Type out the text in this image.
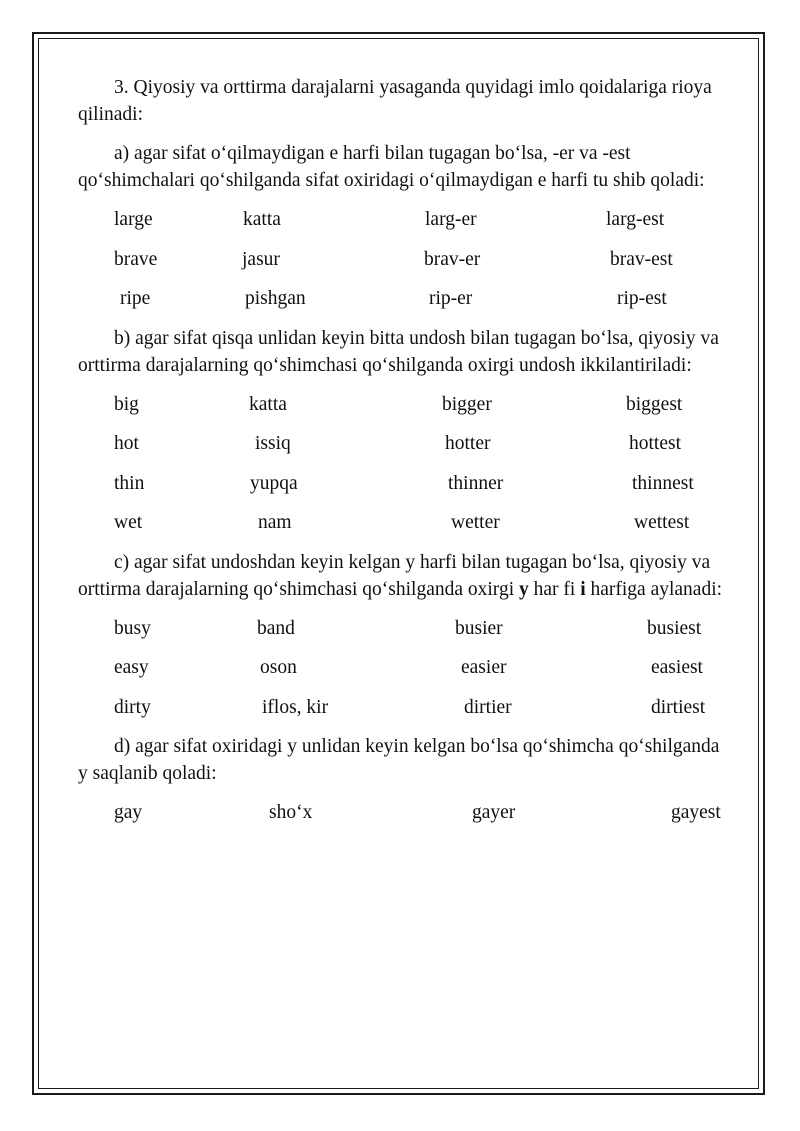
3. Qiyosiy va orttirma darajalarni yasaganda quyidagi imlo qoidalariga rioya qilinadi:

a) agar sifat o‘qilmaydigan e harfi bilan tugagan bo‘lsa, -er va -est qo‘shimchalari qo‘shilganda sifat oxiridagi o‘qilmaydigan e harfi tu shib qoladi:

large	katta	larg-er	larg-est
brave	jasur	brav-er	brav-est
ripe	pishgan	rip-er	rip-est

b) agar sifat qisqa unlidan keyin bitta undosh bilan tugagan bo‘lsa, qiyosiy va orttirma darajalarning qo‘shimchasi qo‘shilganda oxirgi undosh ikkilantiriladi:

big	katta	bigger	biggest
hot	issiq	hotter	hottest
thin	yupqa	thinner	thinnest
wet	nam	wetter	wettest

c) agar sifat undoshdan keyin kelgan y harfi bilan tugagan bo‘lsa, qiyosiy va orttirma darajalarning qo‘shimchasi qo‘shilganda oxirgi y har fi i harfiga aylanadi:

busy	band	busier	busiest
easy	oson	easier	easiest
dirty	iflos, kir	dirtier	dirtiest

d) agar sifat oxiridagi y unlidan keyin kelgan bo‘lsa qo‘shimcha qo‘shilganda y saqlanib qoladi:

gay	sho‘x	gayer	gayest
